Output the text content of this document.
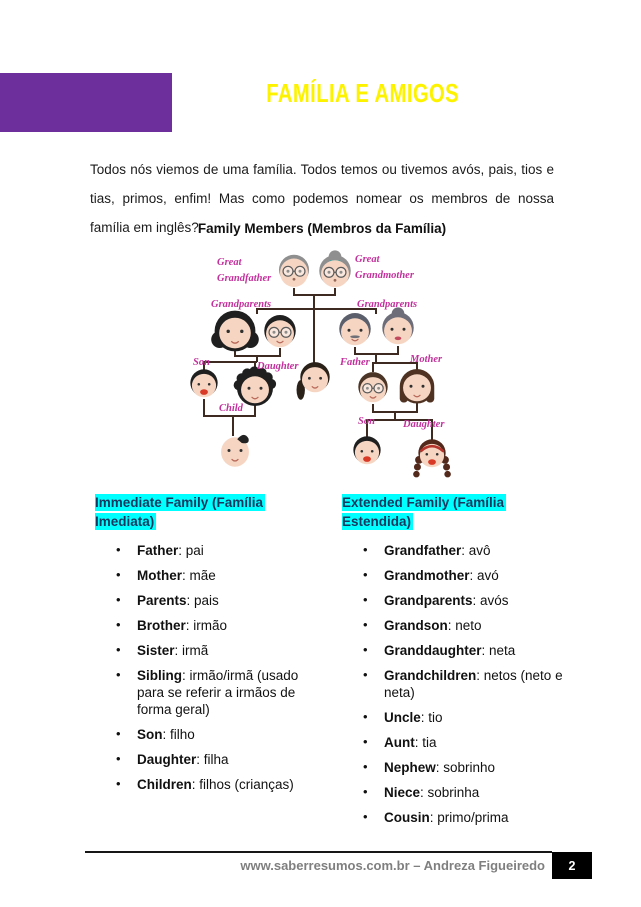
FAMÍLIA E AMIGOS

Todos nós viemos de uma família. Todos temos ou tivemos avós, pais, tios e tias, primos, enfim! Mas como podemos nomear os membros de nossa família em inglês? Family Members (Membros da Família)
Great
Grandfather
Great
Grandmother
Grandparents	Grandparents
Son	Daughter	Father	Mother
Child
Son	Daughter
Immediate Family (Família Imediata)
• Father: pai
• Mother: mãe
• Parents: pais
• Brother: irmão
• Sister: irmã
• Sibling: irmão/irmã (usado para se referir a irmãos de forma geral)
• Son: filho
• Daughter: filha
• Children: filhos (crianças)
Extended Family (Família Estendida)
• Grandfather: avô
• Grandmother: avó
• Grandparents: avós
• Grandson: neto
• Granddaughter: neta
• Grandchildren: netos (neto e neta)
• Uncle: tio
• Aunt: tia
• Nephew: sobrinho
• Niece: sobrinha
• Cousin: primo/prima
www.saberresumos.com.br – Andreza Figueiredo	2
